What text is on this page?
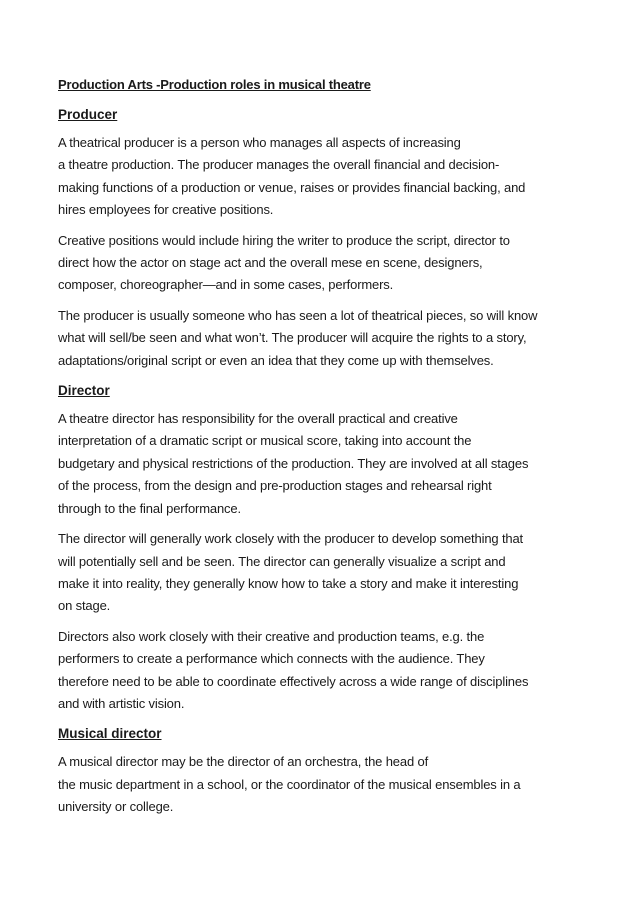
Production Arts -Production roles in musical theatre
Producer
A theatrical producer is a person who manages all aspects of increasing
a theatre production. The producer manages the overall financial and decision-
making functions of a production or venue, raises or provides financial backing, and
hires employees for creative positions.
Creative positions would include hiring the writer to produce the script, director to
direct how the actor on stage act and the overall mese en scene, designers,
composer, choreographer—and in some cases, performers.
The producer is usually someone who has seen a lot of theatrical pieces, so will know
what will sell/be seen and what won’t. The producer will acquire the rights to a story,
adaptations/original script or even an idea that they come up with themselves.
Director
A theatre director has responsibility for the overall practical and creative
interpretation of a dramatic script or musical score, taking into account the
budgetary and physical restrictions of the production. They are involved at all stages
of the process, from the design and pre-production stages and rehearsal right
through to the final performance.
The director will generally work closely with the producer to develop something that
will potentially sell and be seen. The director can generally visualize a script and
make it into reality, they generally know how to take a story and make it interesting
on stage.
Directors also work closely with their creative and production teams, e.g. the
performers to create a performance which connects with the audience. They
therefore need to be able to coordinate effectively across a wide range of disciplines
and with artistic vision.
Musical director
A musical director may be the director of an orchestra, the head of
the music department in a school, or the coordinator of the musical ensembles in a
university or college.
